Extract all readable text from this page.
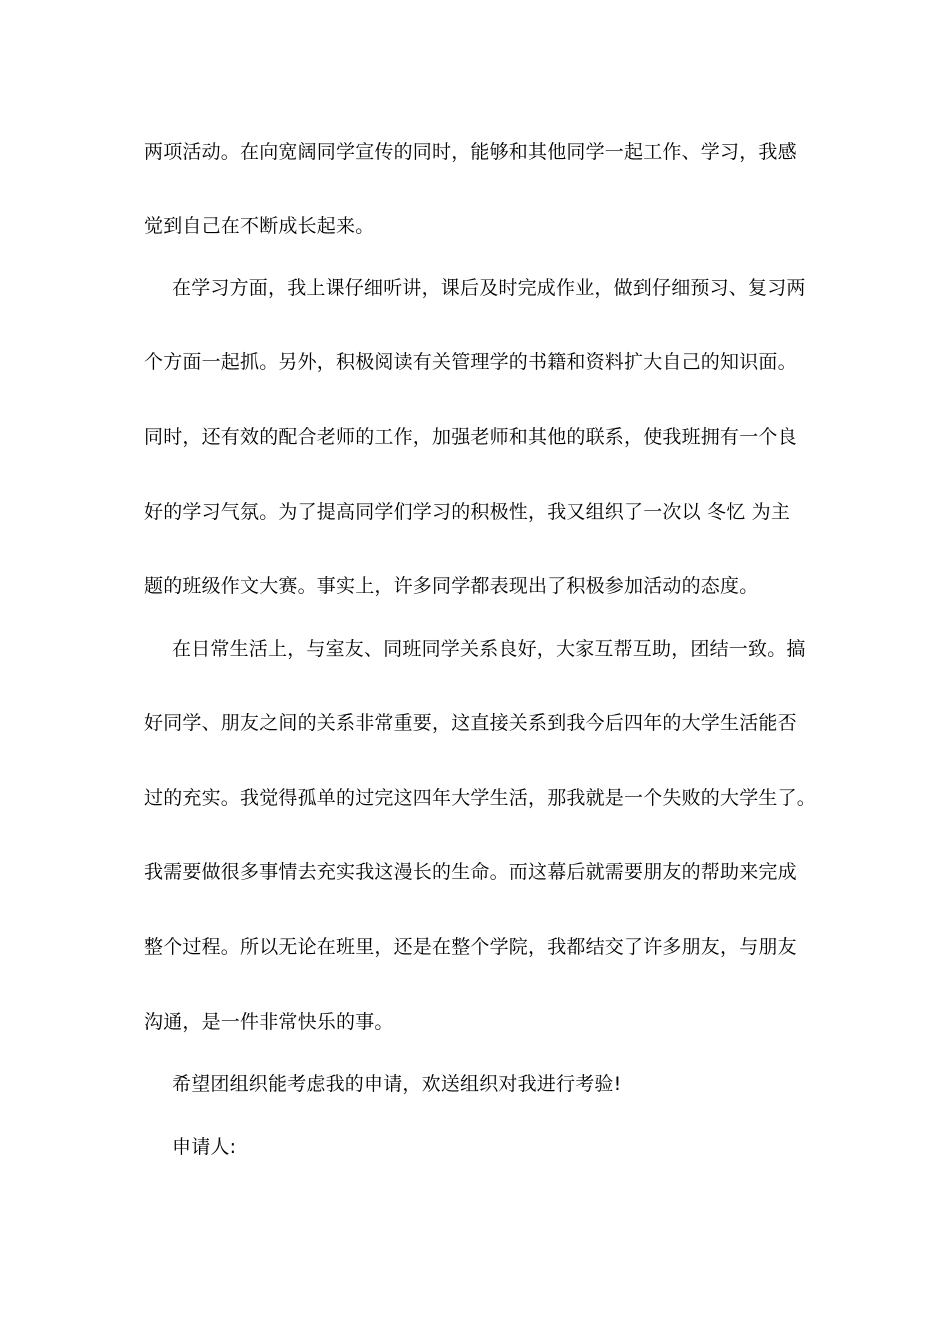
两项活动。在向宽阔同学宣传的同时，能够和其他同学一起工作、学习，我感
觉到自己在不断成长起来。
在学习方面，我上课仔细听讲，课后及时完成作业，做到仔细预习、复习两
个方面一起抓。另外，积极阅读有关管理学的书籍和资料扩大自己的知识面。
同时，还有效的配合老师的工作，加强老师和其他的联系，使我班拥有一个良
好的学习气氛。为了提高同学们学习的积极性，我又组织了一次以 冬忆 为主
题的班级作文大赛。事实上，许多同学都表现出了积极参加活动的态度。
在日常生活上，与室友、同班同学关系良好，大家互帮互助，团结一致。搞
好同学、朋友之间的关系非常重要，这直接关系到我今后四年的大学生活能否
过的充实。我觉得孤单的过完这四年大学生活，那我就是一个失败的大学生了。
我需要做很多事情去充实我这漫长的生命。而这幕后就需要朋友的帮助来完成
整个过程。所以无论在班里，还是在整个学院，我都结交了许多朋友，与朋友
沟通，是一件非常快乐的事。
希望团组织能考虑我的申请，欢送组织对我进行考验!
申请人:
